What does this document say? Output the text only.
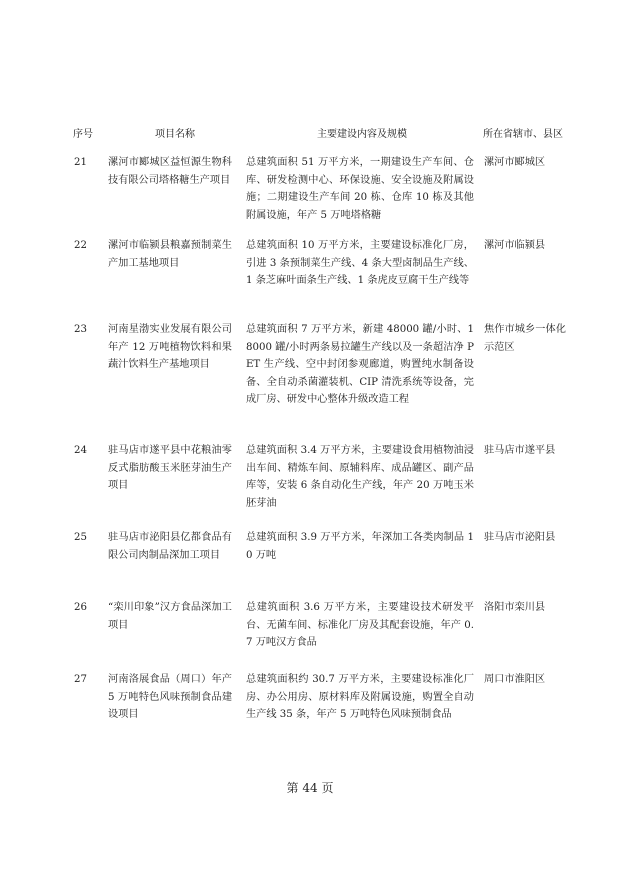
序号	项目名称	主要建设内容及规模	所在省辖市、县区
21	漯河市郾城区益恒源生物科技有限公司塔格糖生产项目	总建筑面积 51 万平方米，一期建设生产车间、仓库、研发检测中心、环保设施、安全设施及附属设施；二期建设生产车间 20 栋、仓库 10 栋及其他附属设施，年产 5 万吨塔格糖	漯河市郾城区
22	漯河市临颍县粮嘉预制菜生产加工基地项目	总建筑面积 10 万平方米，主要建设标准化厂房，引进 3 条预制菜生产线、4 条大型卤制品生产线、1 条芝麻叶面条生产线、1 条虎皮豆腐干生产线等	漯河市临颍县
23	河南星渤实业发展有限公司年产 12 万吨植物饮料和果蔬汁饮料生产基地项目	总建筑面积 7 万平方米，新建 48000 罐/小时、18000 罐/小时两条易拉罐生产线以及一条超洁净 PET 生产线、空中封闭参观廊道，购置纯水制备设备、全自动杀菌灌装机、CIP 清洗系统等设备，完成厂房、研发中心整体升级改造工程	焦作市城乡一体化示范区
24	驻马店市遂平县中花粮油零反式脂肪酸玉米胚芽油生产项目	总建筑面积 3.4 万平方米，主要建设食用植物油浸出车间、精炼车间、原辅料库、成品罐区、副产品库等，安装 6 条自动化生产线，年产 20 万吨玉米胚芽油	驻马店市遂平县
25	驻马店市泌阳县亿都食品有限公司肉制品深加工项目	总建筑面积 3.9 万平方米，年深加工各类肉制品 10 万吨	驻马店市泌阳县
26	“栾川印象”汉方食品深加工项目	总建筑面积 3.6 万平方米，主要建设技术研发平台、无菌车间、标准化厂房及其配套设施，年产 0.7 万吨汉方食品	洛阳市栾川县
27	河南洛展食品（周口）年产 5 万吨特色风味预制食品建设项目	总建筑面积约 30.7 万平方米，主要建设标准化厂房、办公用房、原材料库及附属设施，购置全自动生产线 35 条，年产 5 万吨特色风味预制食品	周口市淮阳区
第 44 页
